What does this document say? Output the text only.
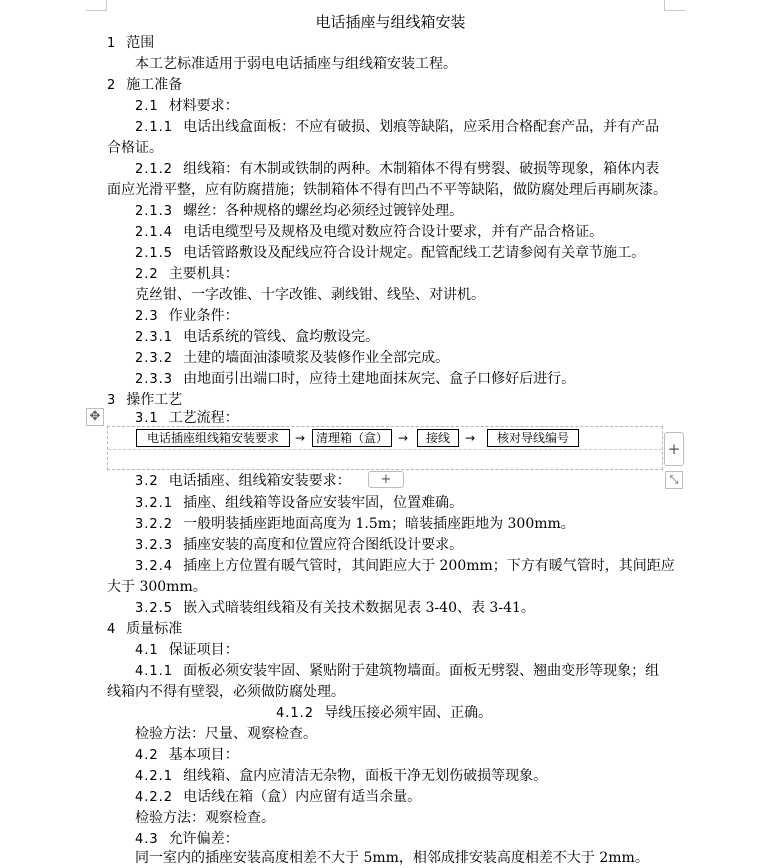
电话插座与组线箱安装
1 范围
本工艺标准适用于弱电电话插座与组线箱安装工程。
2 施工准备
2.1 材料要求：
2.1.1 电话出线盒面板：不应有破损、划痕等缺陷，应采用合格配套产品，并有产品
合格证。
2.1.2 组线箱：有木制或铁制的两种。木制箱体不得有劈裂、破损等现象，箱体内表
面应光滑平整，应有防腐措施；铁制箱体不得有凹凸不平等缺陷，做防腐处理后再刷灰漆。
2.1.3 螺丝：各种规格的螺丝均必须经过镀锌处理。
2.1.4 电话电缆型号及规格及电缆对数应符合设计要求，并有产品合格证。
2.1.5 电话管路敷设及配线应符合设计规定。配管配线工艺请参阅有关章节施工。
2.2 主要机具：
克丝钳、一字改锥、十字改锥、剥线钳、线坠、对讲机。
2.3 作业条件：
2.3.1 电话系统的管线、盒均敷设完。
2.3.2 土建的墙面油漆喷浆及装修作业全部完成。
2.3.3 由地面引出端口时，应待土建地面抹灰完、盒子口修好后进行。
3 操作工艺
3.1 工艺流程：
✥
电话插座组线箱安装要求	→ 清理箱（盒） →	接线	→	核对导线编号
+
⤡
3.2 电话插座、组线箱安装要求：	+
3.2.1 插座、组线箱等设备应安装牢固，位置难确。
3.2.2 一般明装插座距地面高度为 1.5m；暗装插座距地为 300mm。
3.2.3 插座安装的高度和位置应符合图纸设计要求。
3.2.4 插座上方位置有暖气管时，其间距应大于 200mm；下方有暖气管时，其间距应
大于 300mm。
3.2.5 嵌入式暗装组线箱及有关技术数据见表 3-40、表 3-41。
4 质量标准
4.1 保证项目：
4.1.1 面板必须安装牢固、紧贴附于建筑物墙面。面板无劈裂、翘曲变形等现象；组
线箱内不得有壁裂，必须做防腐处理。
4.1.2 导线压接必须牢固、正确。
检验方法：尺量、观察检查。
4.2 基本项目：
4.2.1 组线箱、盒内应清洁无杂物，面板干净无划伤破损等现象。
4.2.2 电话线在箱（盒）内应留有适当余量。
检验方法：观察检查。
4.3 允许偏差：
同一室内的插座安装高度相差不大于 5mm，相邻成排安装高度相差不大于 2mm。
